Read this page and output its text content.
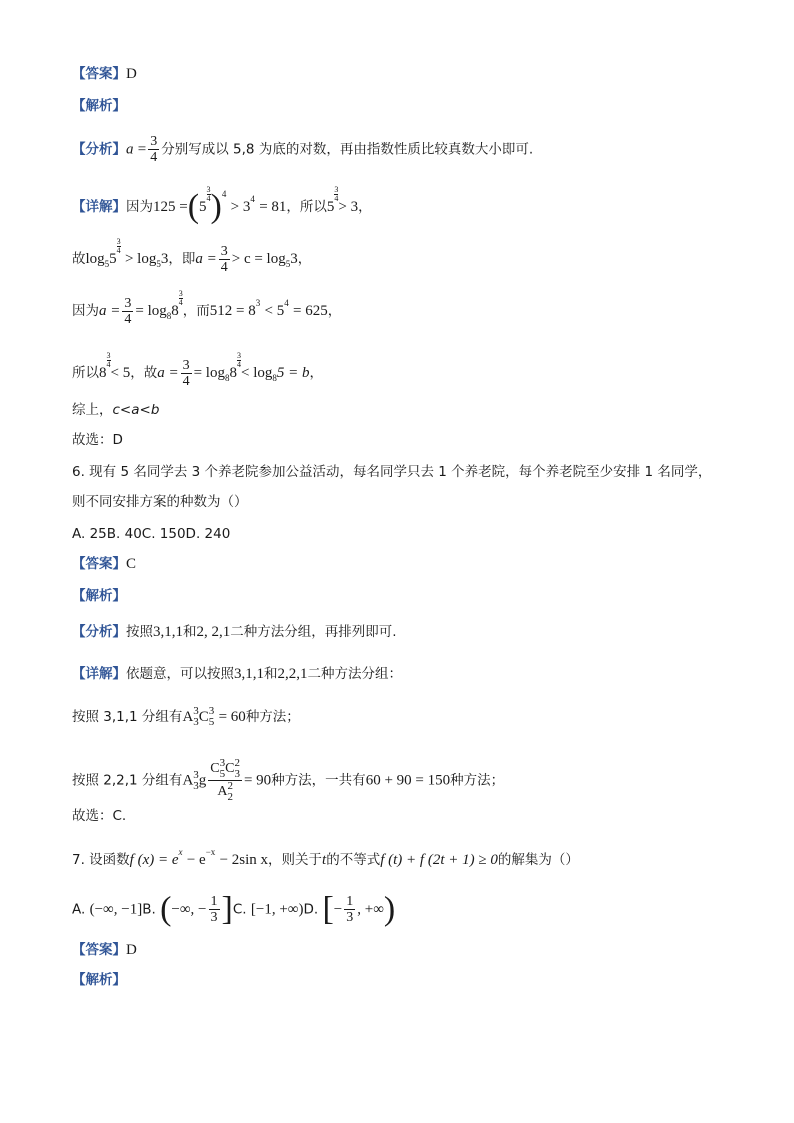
【答案】D
【解析】
【分析】$a = \frac{3}{4}$ 分别写成以 5,8 为底的对数，再由指数性质比较真数大小即可.
【详解】因为125 =(5
$\frac{3}{4} )^4 > 3^4 = 81$，所以5
$\frac{3}{4}$
> 3，
故$\log_55$
$\frac{3}{4}$
> $\log_53$，即$a = \frac{3}{4} > c = \log_53$，
因为$a = \frac{3}{4} = \log_88$
$\frac{3}{4}$
，而$512 = 8^3 < 5^4 = 625$，
所以8
$\frac{3}{4}$
< 5，故$a = \frac{3}{4} = \log_88$
$\frac{3}{4}$
< $\log_85 = b$，
综上，c<a<b
故选：D
6. 现有 5 名同学去 3 个养老院参加公益活动，每名同学只去 1 个养老院，每个养老院至少安排 1 名同学，
则不同安排方案的种数为（）
A. 25B. 40C. 150D. 240
【答案】C
【解析】
【分析】按照3,1,1和2, 2,1二种方法分组，再排列即可.
【详解】依题意，可以按照3,1,1和2,2,1二种方法分组：
按照 3,1,1 分组有A 3
3 C 3
5 = 60种方法；
按照 2,2,1 分组有A 3
3 g C 3
5 C 2
3
A 2
2 = 90种方法，一共有60 + 90 = 150种方法；
故选：C.
7. 设函数f $(x) = e^x - e^{-x} - 2\sin$ x，则关于t的不等式f (t) + f (2t + 1) ≥ 0的解集为（）
A. (−∞, −1]B. (−∞, − $\frac{1}{3} ]C$. [−1, +∞)D. [− $\frac{1}{3}$ , +∞)
【答案】D
【解析】
